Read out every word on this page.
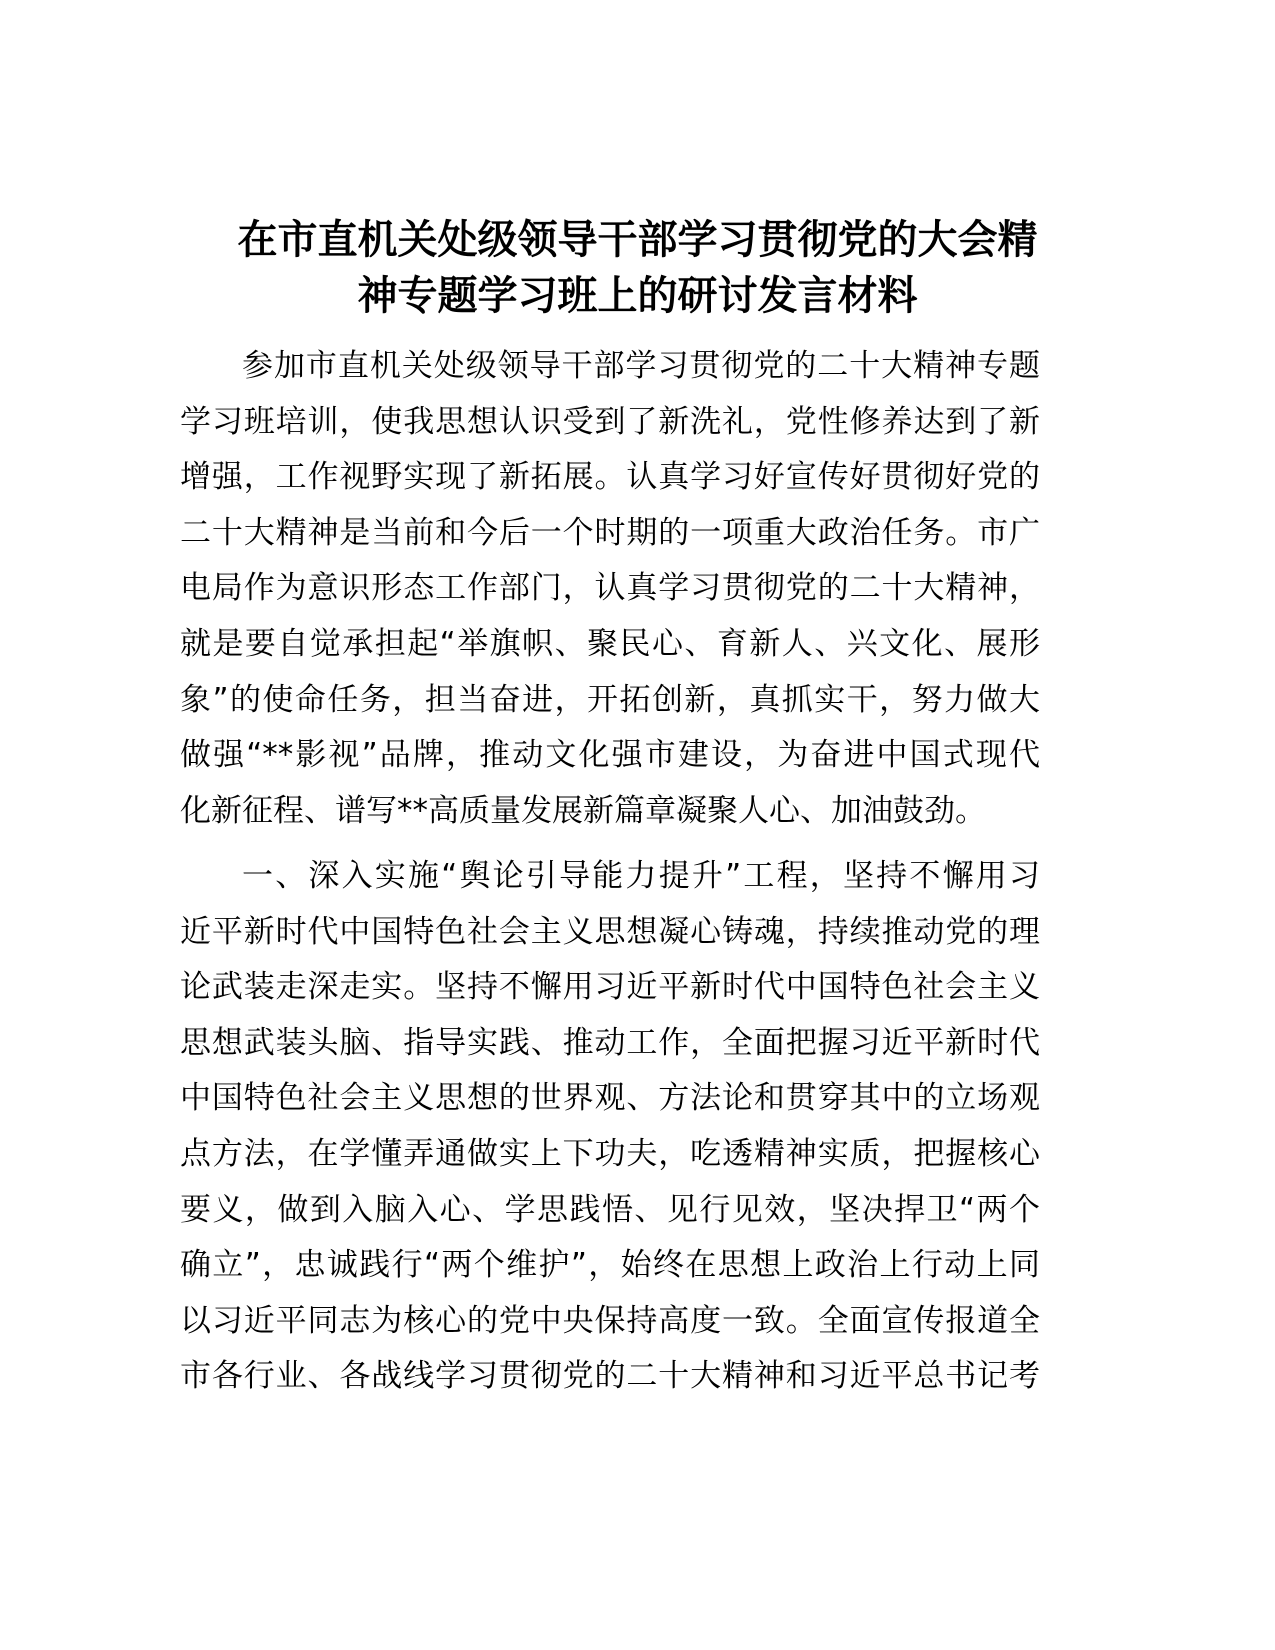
在市直机关处级领导干部学习贯彻党的大会精
神专题学习班上的研讨发言材料
参加市直机关处级领导干部学习贯彻党的二十大精神专题
学习班培训，使我思想认识受到了新洗礼，党性修养达到了新
增强，工作视野实现了新拓展。认真学习好宣传好贯彻好党的
二十大精神是当前和今后一个时期的一项重大政治任务。市广
电局作为意识形态工作部门，认真学习贯彻党的二十大精神，
就是要自觉承担起“举旗帜、聚民心、育新人、兴文化、展形
象”的使命任务，担当奋进，开拓创新，真抓实干，努力做大
做强“**影视”品牌，推动文化强市建设，为奋进中国式现代
化新征程、谱写**高质量发展新篇章凝聚人心、加油鼓劲。
一、深入实施“舆论引导能力提升”工程，坚持不懈用习
近平新时代中国特色社会主义思想凝心铸魂，持续推动党的理
论武装走深走实。坚持不懈用习近平新时代中国特色社会主义
思想武装头脑、指导实践、推动工作，全面把握习近平新时代
中国特色社会主义思想的世界观、方法论和贯穿其中的立场观
点方法，在学懂弄通做实上下功夫，吃透精神实质，把握核心
要义，做到入脑入心、学思践悟、见行见效，坚决捍卫“两个
确立”，忠诚践行“两个维护”，始终在思想上政治上行动上同
以习近平同志为核心的党中央保持高度一致。全面宣传报道全
市各行业、各战线学习贯彻党的二十大精神和习近平总书记考
